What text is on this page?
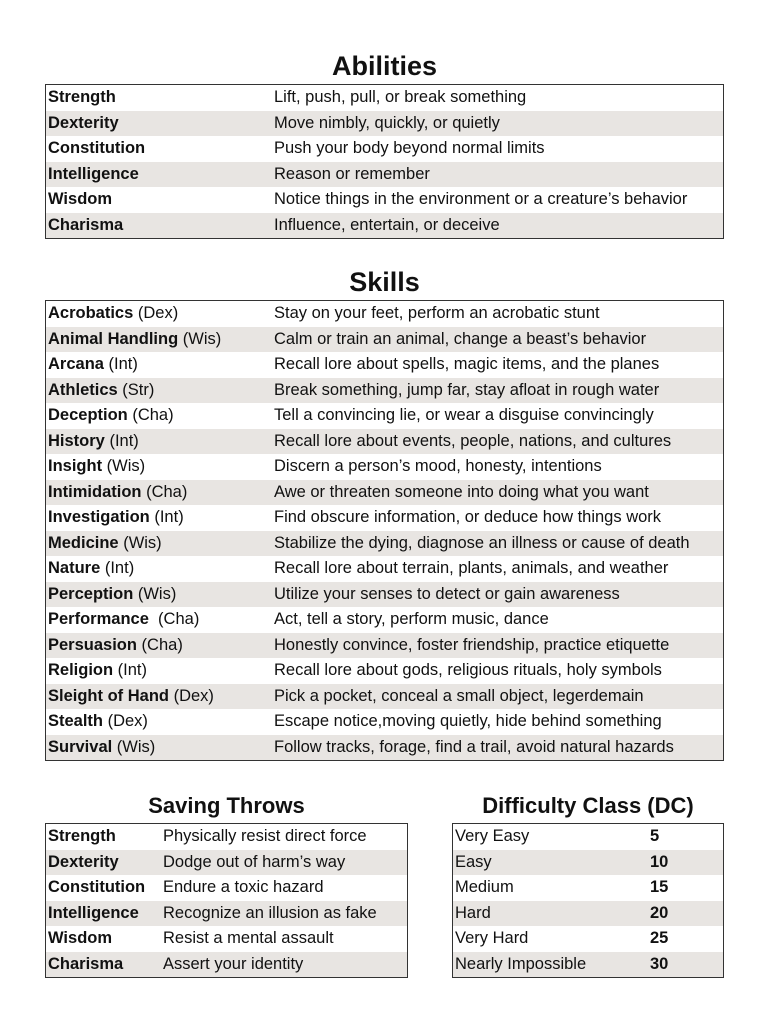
Abilities
Strength	Lift, push, pull, or break something
Dexterity	Move nimbly, quickly, or quietly
Constitution	Push your body beyond normal limits
Intelligence	Reason or remember
Wisdom	Notice things in the environment or a creature’s behavior
Charisma	Influence, entertain, or deceive
Skills
Acrobatics (Dex)	Stay on your feet, perform an acrobatic stunt
Animal Handling (Wis)	Calm or train an animal, change a beast’s behavior
Arcana (Int)	Recall lore about spells, magic items, and the planes
Athletics (Str)	Break something, jump far, stay afloat in rough water
Deception (Cha)	Tell a convincing lie, or wear a disguise convincingly
History (Int)	Recall lore about events, people, nations, and cultures
Insight (Wis)	Discern a person’s mood, honesty, intentions
Intimidation (Cha)	Awe or threaten someone into doing what you want
Investigation (Int)	Find obscure information, or deduce how things work
Medicine (Wis)	Stabilize the dying, diagnose an illness or cause of death
Nature (Int)	Recall lore about terrain, plants, animals, and weather
Perception (Wis)	Utilize your senses to detect or gain awareness
Performance  (Cha)	Act, tell a story, perform music, dance
Persuasion (Cha)	Honestly convince, foster friendship, practice etiquette
Religion (Int)	Recall lore about gods, religious rituals, holy symbols
Sleight of Hand (Dex)	Pick a pocket, conceal a small object, legerdemain
Stealth (Dex)	Escape notice,moving quietly, hide behind something
Survival (Wis)	Follow tracks, forage, find a trail, avoid natural hazards
Saving Throws
Strength	Physically resist direct force
Dexterity	Dodge out of harm’s way
Constitution	Endure a toxic hazard
Intelligence	Recognize an illusion as fake
Wisdom	Resist a mental assault
Charisma	Assert your identity
Difficulty Class (DC)
Very Easy	5
Easy	10
Medium	15
Hard	20
Very Hard	25
Nearly Impossible	30
